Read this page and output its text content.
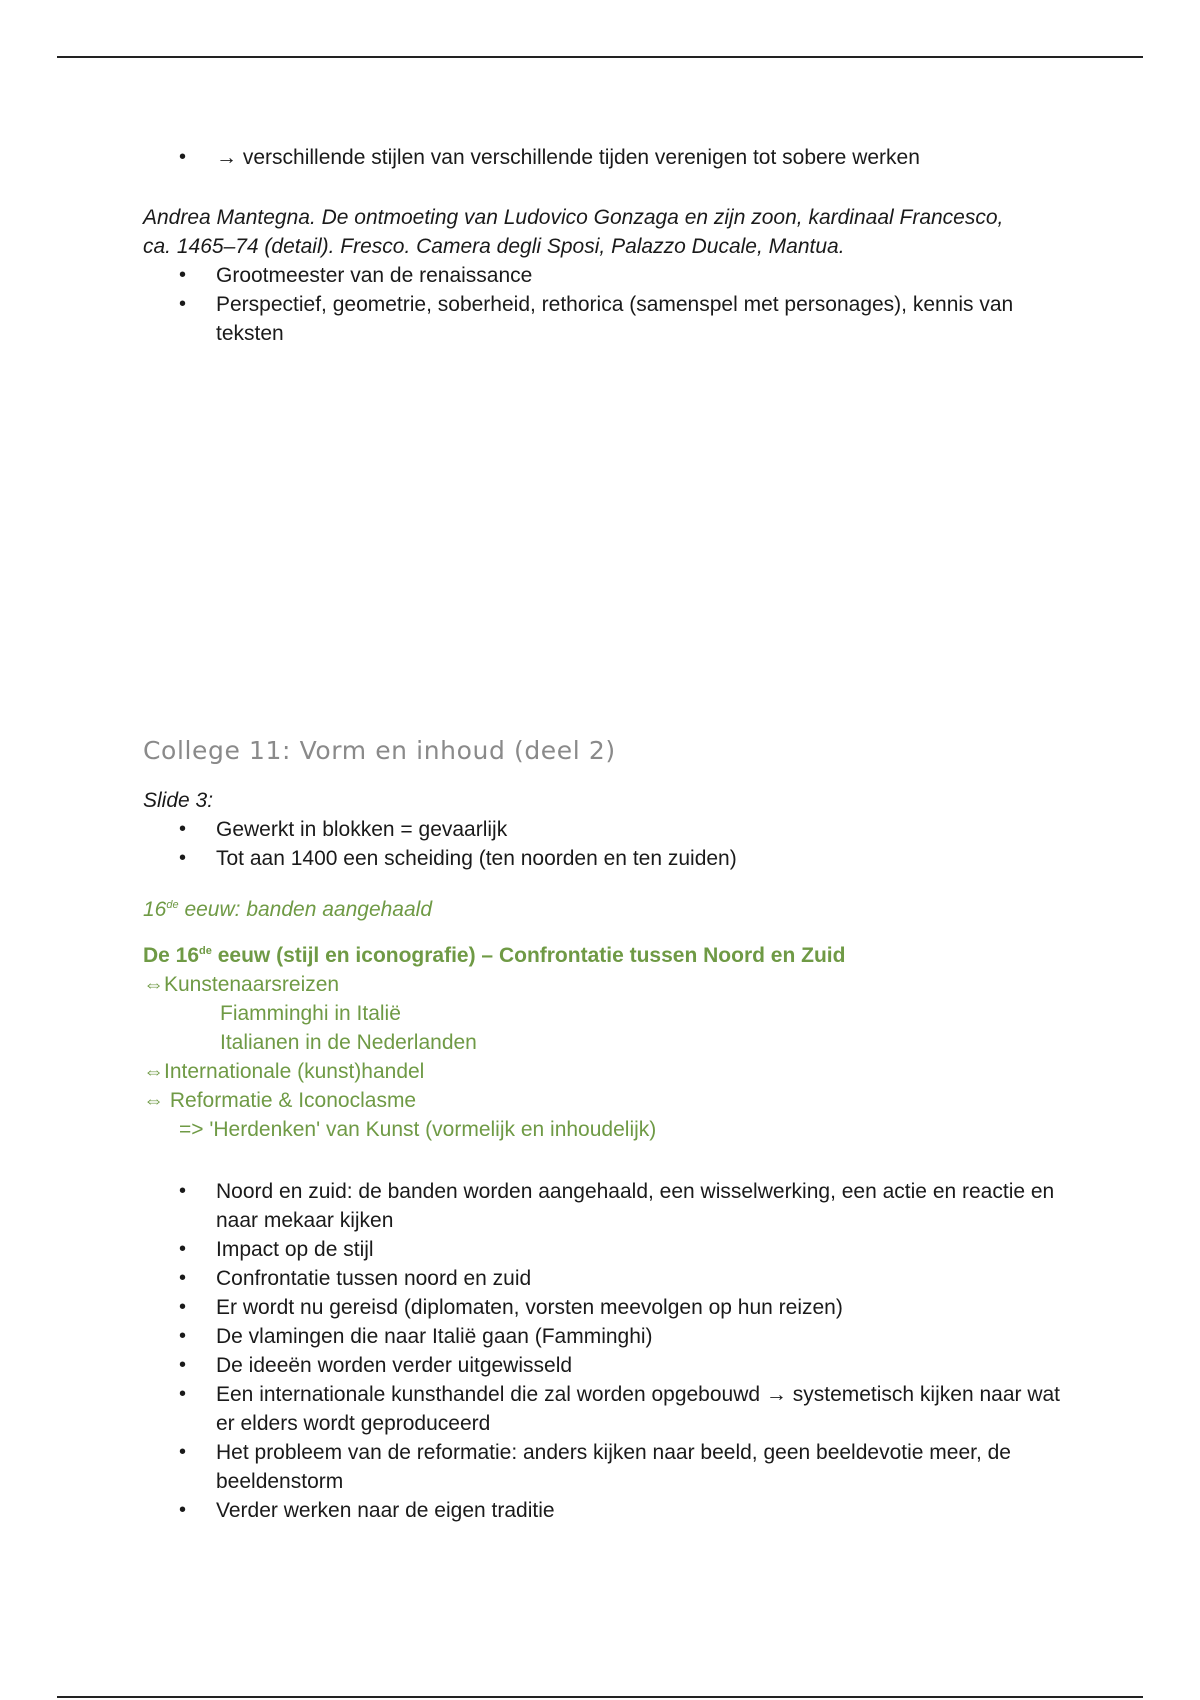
• → verschillende stijlen van verschillende tijden verenigen tot sobere werken
Andrea Mantegna. De ontmoeting van Ludovico Gonzaga en zijn zoon, kardinaal Francesco,
ca. 1465–74 (detail). Fresco. Camera degli Sposi, Palazzo Ducale, Mantua.
• Grootmeester van de renaissance
• Perspectief, geometrie, soberheid, rethorica (samenspel met personages), kennis van teksten
College 11: Vorm en inhoud (deel 2)
Slide 3:
• Gewerkt in blokken = gevaarlijk
• Tot aan 1400 een scheiding (ten noorden en ten zuiden)
16de eeuw: banden aangehaald
De 16de eeuw (stijl en iconografie) – Confrontatie tussen Noord en Zuid
⇔Kunstenaarsreizen
Fiamminghi in Italië
Italianen in de Nederlanden
⇔Internationale (kunst)handel
⇔ Reformatie & Iconoclasme
=> 'Herdenken' van Kunst (vormelijk en inhoudelijk)
• Noord en zuid: de banden worden aangehaald, een wisselwerking, een actie en reactie en naar mekaar kijken
• Impact op de stijl
• Confrontatie tussen noord en zuid
• Er wordt nu gereisd (diplomaten, vorsten meevolgen op hun reizen)
• De vlamingen die naar Italië gaan (Famminghi)
• De ideeën worden verder uitgewisseld
• Een internationale kunsthandel die zal worden opgebouwd → systemetisch kijken naar wat er elders wordt geproduceerd
• Het probleem van de reformatie: anders kijken naar beeld, geen beeldevotie meer, de beeldenstorm
• Verder werken naar de eigen traditie
